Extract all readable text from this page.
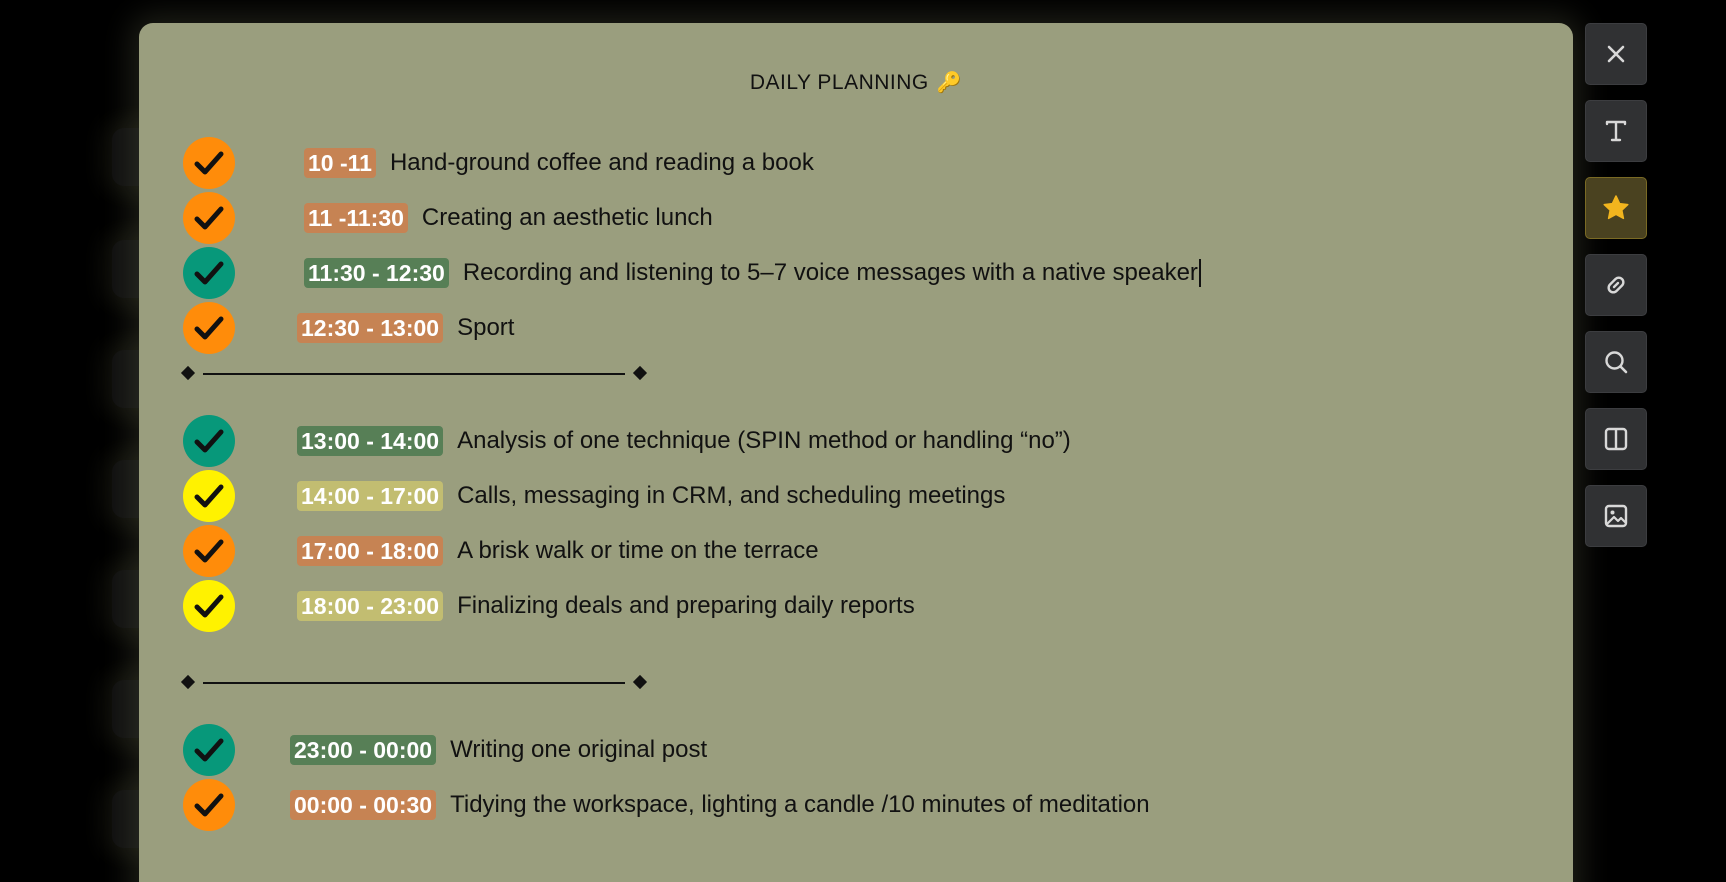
DAILY PLANNING 🔑
10 -11 Hand-ground coffee and reading a book
11 -11:30 Creating an aesthetic lunch
11:30 - 12:30 Recording and listening to 5–7 voice messages with a native speaker
12:30 - 13:00 Sport
13:00 - 14:00 Analysis of one technique (SPIN method or handling “no”)
14:00 - 17:00 Calls, messaging in CRM, and scheduling meetings
17:00 - 18:00 A brisk walk or time on the terrace
18:00 - 23:00 Finalizing deals and preparing daily reports
23:00 - 00:00 Writing one original post
00:00 - 00:30 Tidying the workspace, lighting a candle /10 minutes of meditation
